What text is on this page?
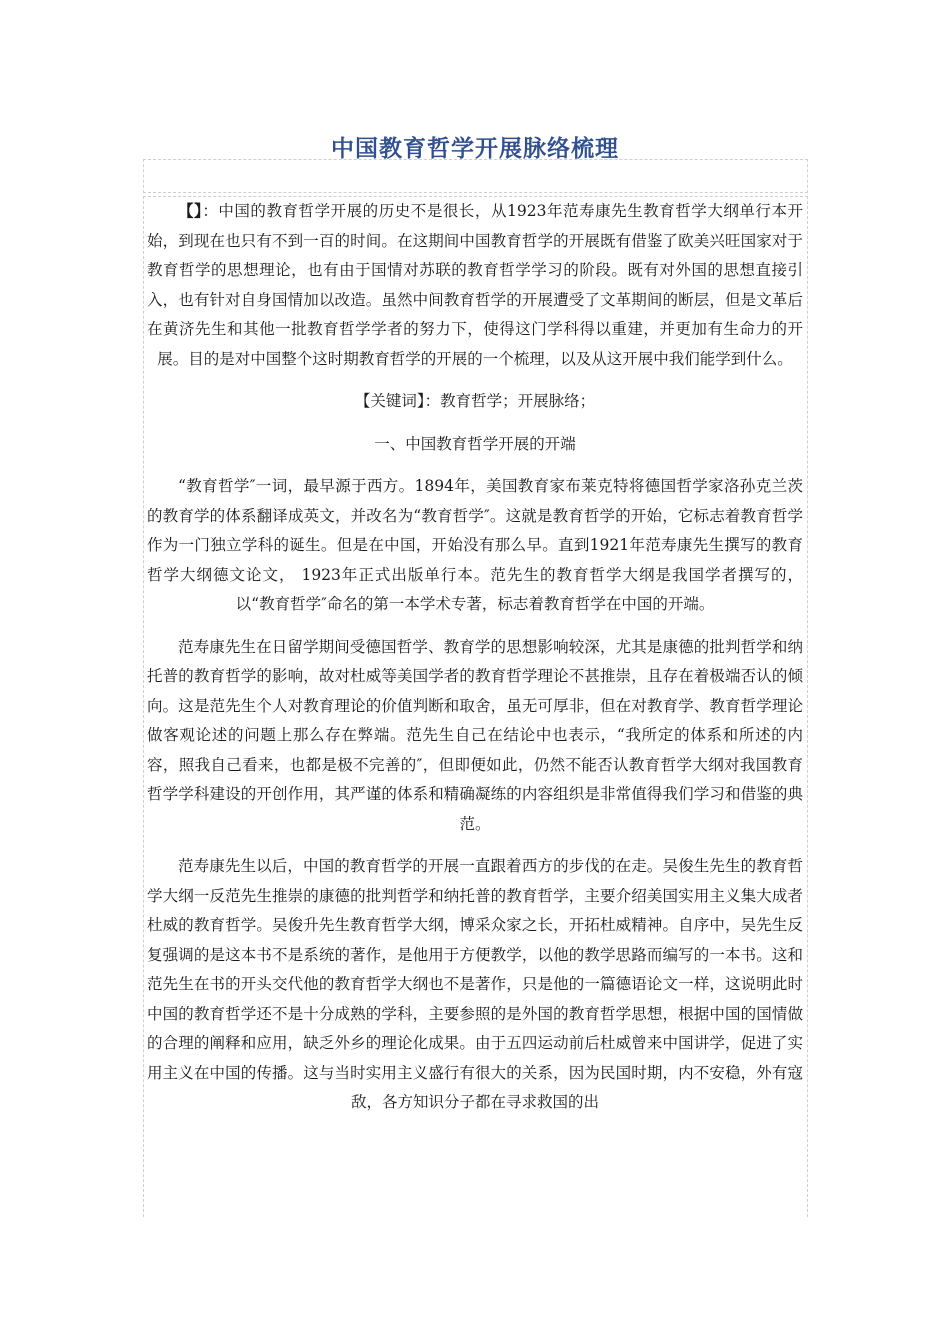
中国教育哲学开展脉络梳理

【】：中国的教育哲学开展的历史不是很长，从1923年范寿康先生教育哲学大纲单行本开始，到现在也只有不到一百的时间。在这期间中国教育哲学的开展既有借鉴了欧美兴旺国家对于教育哲学的思想理论，也有由于国情对苏联的教育哲学学习的阶段。既有对外国的思想直接引入，也有针对自身国情加以改造。虽然中间教育哲学的开展遭受了文革期间的断层，但是文革后在黄济先生和其他一批教育哲学学者的努力下，使得这门学科得以重建，并更加有生命力的开展。目的是对中国整个这时期教育哲学的开展的一个梳理，以及从这开展中我们能学到什么。

【关键词】：教育哲学；开展脉络；

一、中国教育哲学开展的开端

“教育哲学″一词，最早源于西方。1894年，美国教育家布莱克特将德国哲学家洛孙克兰茨的教育学的体系翻译成英文，并改名为“教育哲学″。这就是教育哲学的开始，它标志着教育哲学作为一门独立学科的诞生。但是在中国，开始没有那么早。直到1921年范寿康先生撰写的教育哲学大纲德文论文， 1923年正式出版单行本。范先生的教育哲学大纲是我国学者撰写的，以“教育哲学″命名的第一本学术专著，标志着教育哲学在中国的开端。

范寿康先生在日留学期间受德国哲学、教育学的思想影响较深，尤其是康德的批判哲学和纳托普的教育哲学的影响，故对杜威等美国学者的教育哲学理论不甚推崇，且存在着极端否认的倾向。这是范先生个人对教育理论的价值判断和取舍，虽无可厚非，但在对教育学、教育哲学理论做客观论述的问题上那么存在弊端。范先生自己在结论中也表示，“我所定的体系和所述的内容，照我自己看来，也都是极不完善的″，但即便如此，仍然不能否认教育哲学大纲对我国教育哲学学科建设的开创作用，其严谨的体系和精确凝练的内容组织是非常值得我们学习和借鉴的典范。

范寿康先生以后，中国的教育哲学的开展一直跟着西方的步伐的在走。吴俊生先生的教育哲学大纲一反范先生推崇的康德的批判哲学和纳托普的教育哲学，主要介绍美国实用主义集大成者杜威的教育哲学。吴俊升先生教育哲学大纲，博采众家之长，开拓杜威精神。自序中，吴先生反复强调的是这本书不是系统的著作，是他用于方便教学，以他的教学思路而编写的一本书。这和范先生在书的开头交代他的教育哲学大纲也不是著作，只是他的一篇德语论文一样，这说明此时中国的教育哲学还不是十分成熟的学科，主要参照的是外国的教育哲学思想，根据中国的国情做的合理的阐释和应用，缺乏外乡的理论化成果。由于五四运动前后杜威曾来中国讲学，促进了实用主义在中国的传播。这与当时实用主义盛行有很大的关系，因为民国时期，内不安稳，外有寇敌，各方知识分子都在寻求救国的出
